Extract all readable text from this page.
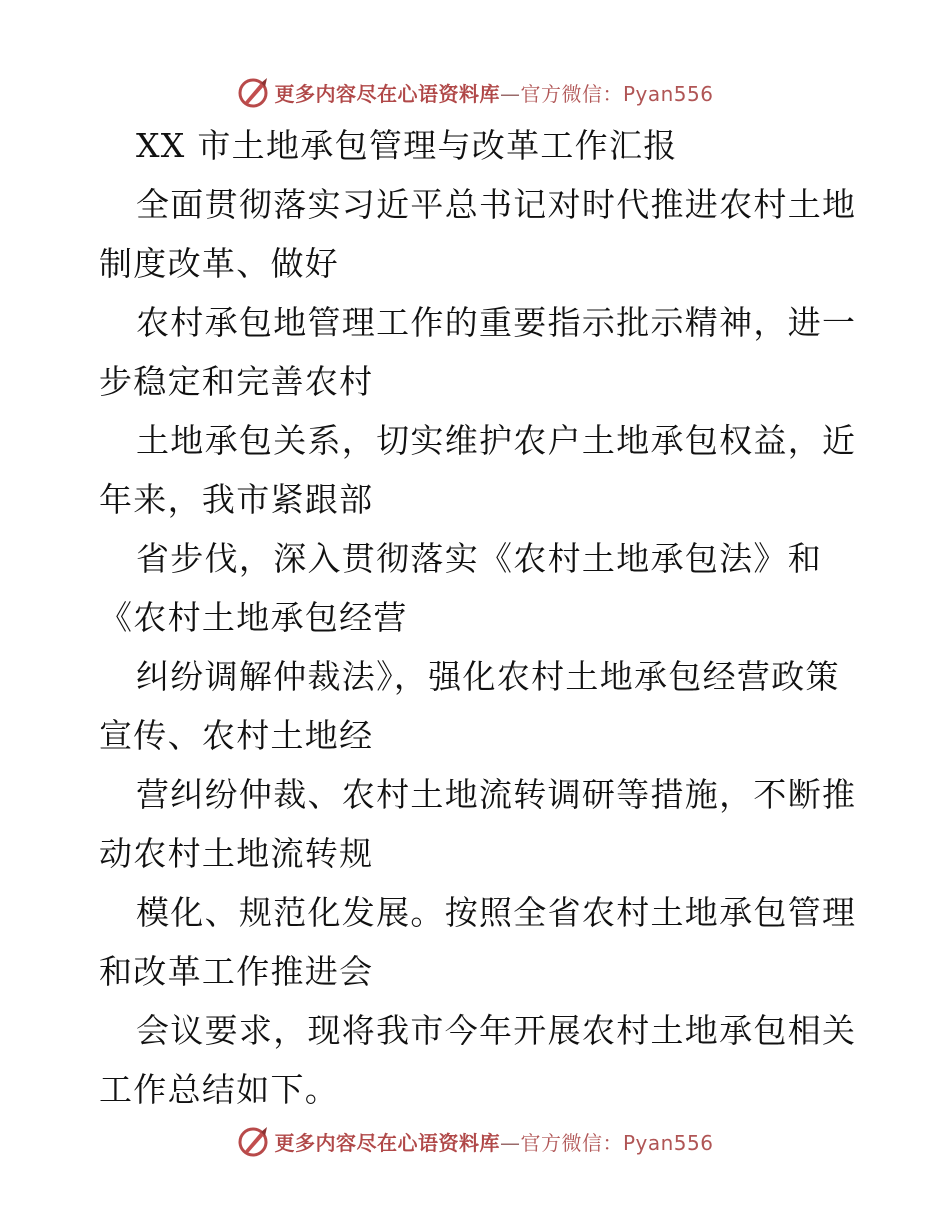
更多内容尽在心语资料库—官方微信：Pyan556
XX 市土地承包管理与改革工作汇报
全面贯彻落实习近平总书记对时代推进农村土地
制度改革、做好
农村承包地管理工作的重要指示批示精神，进一
步稳定和完善农村
土地承包关系，切实维护农户土地承包权益，近
年来，我市紧跟部
省步伐，深入贯彻落实《农村土地承包法》和
《农村土地承包经营
纠纷调解仲裁法》，强化农村土地承包经营政策
宣传、农村土地经
营纠纷仲裁、农村土地流转调研等措施，不断推
动农村土地流转规
模化、规范化发展。按照全省农村土地承包管理
和改革工作推进会
会议要求，现将我市今年开展农村土地承包相关
工作总结如下。
更多内容尽在心语资料库—官方微信：Pyan556
